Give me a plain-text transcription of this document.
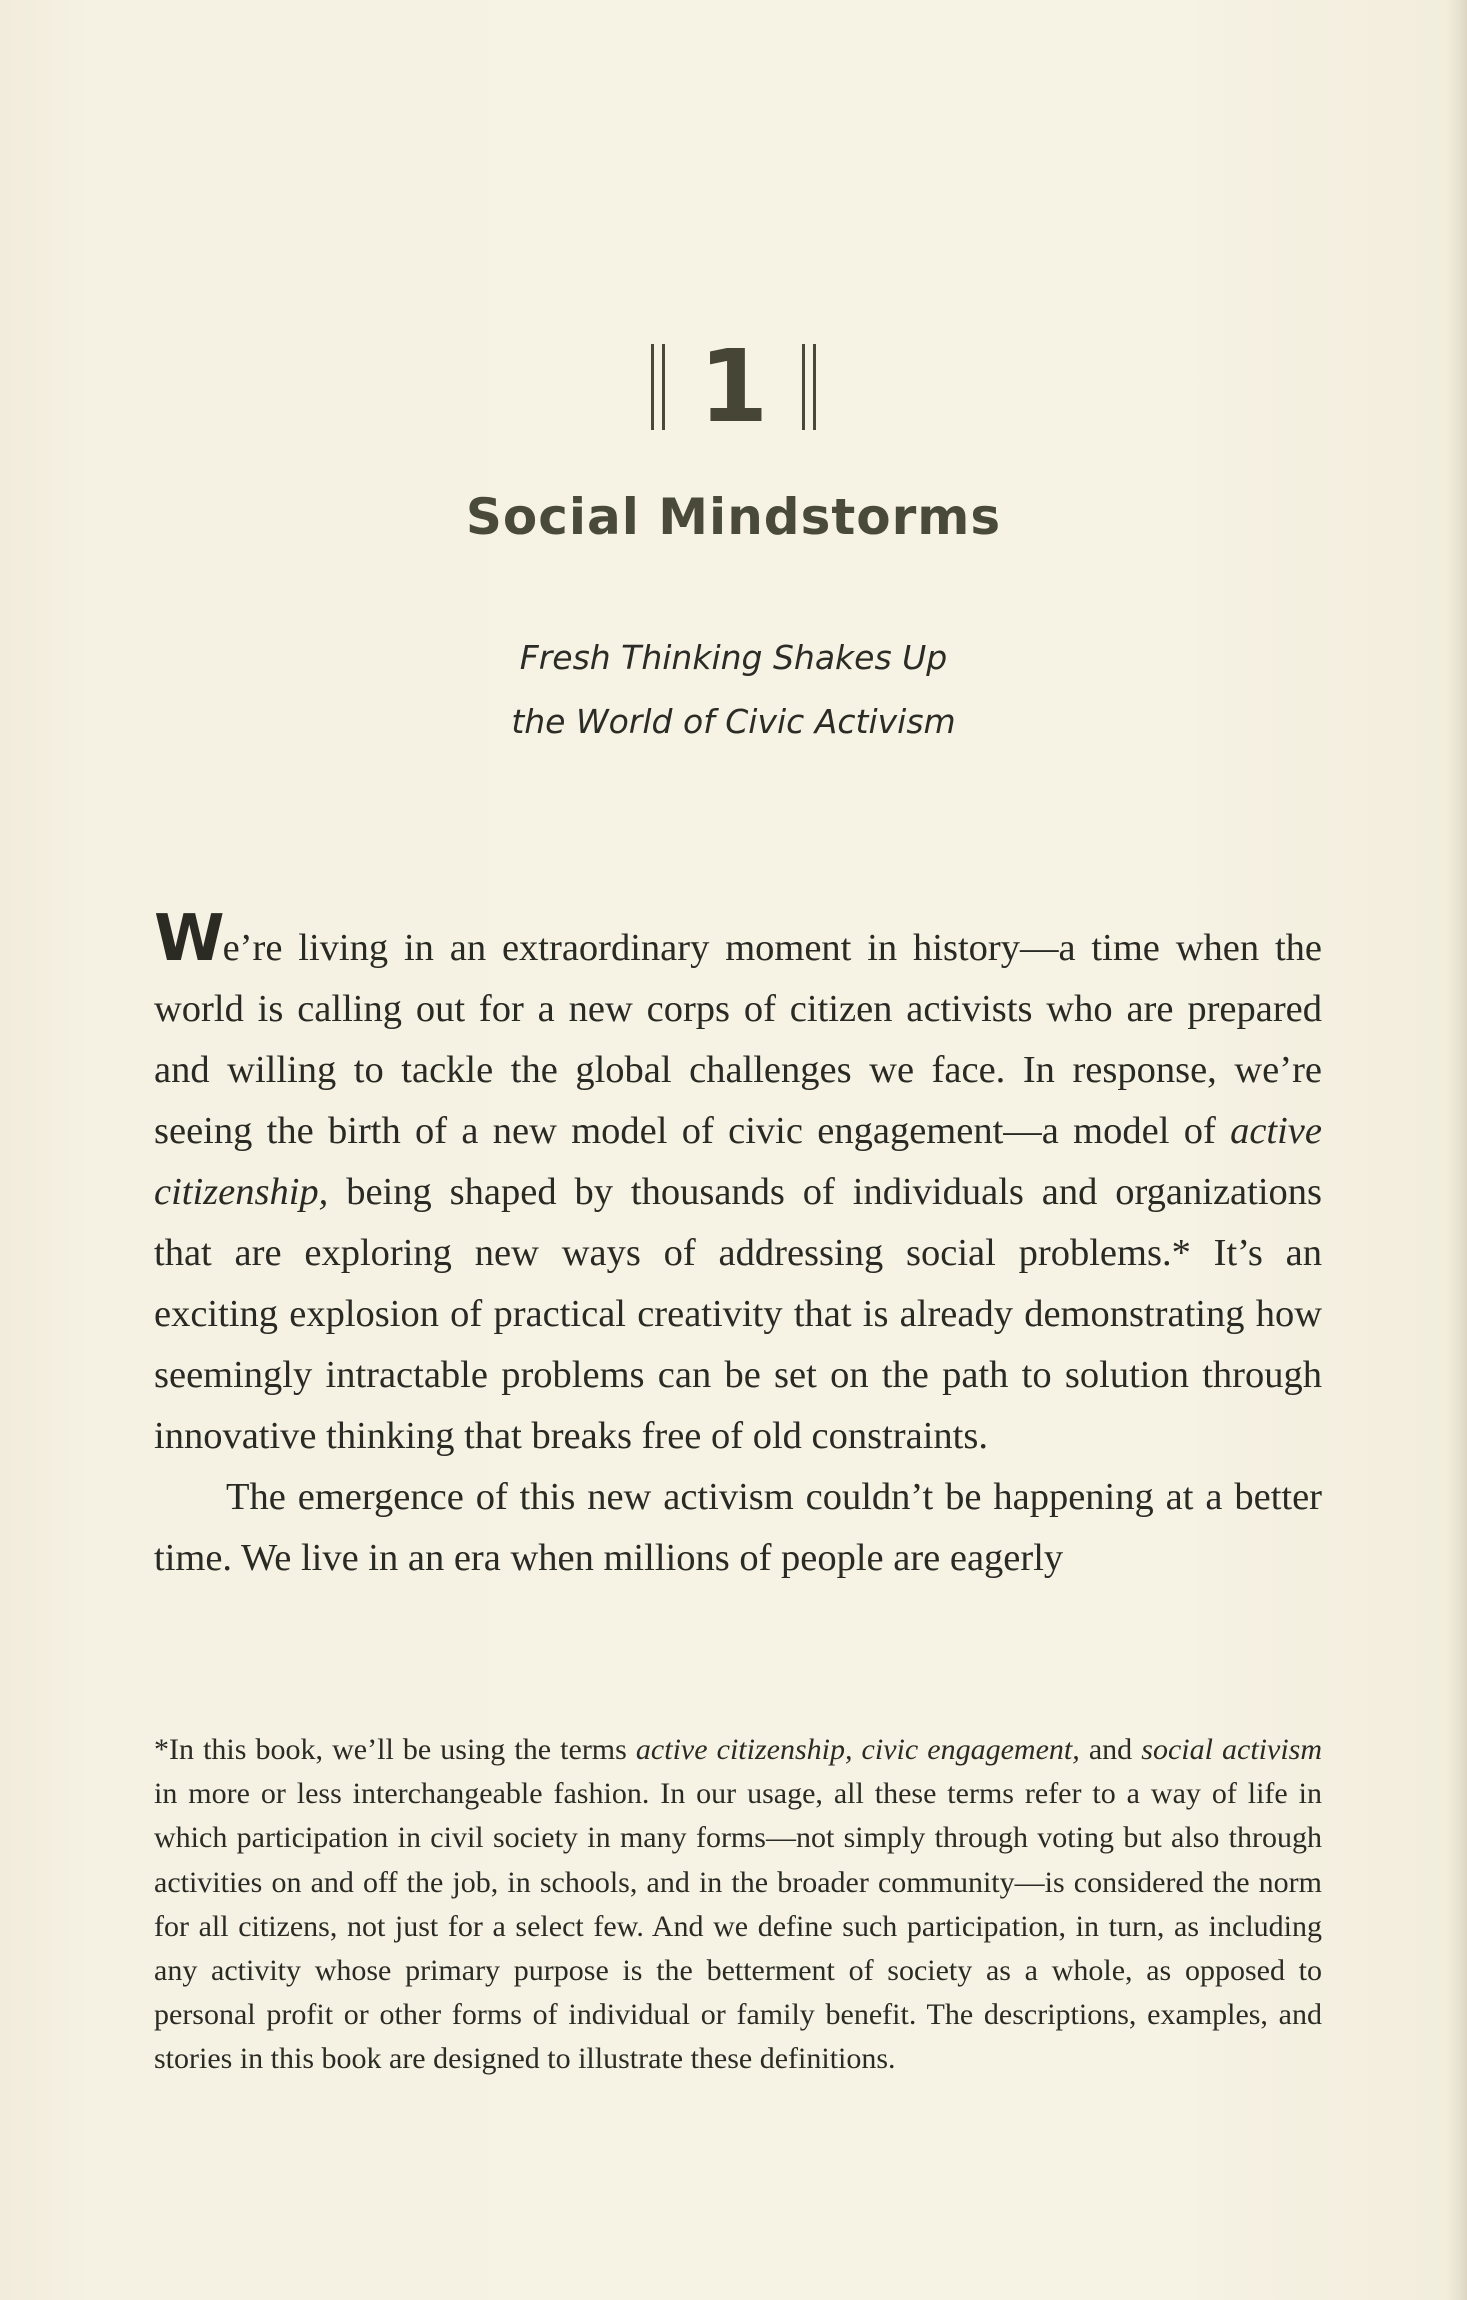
1
Social Mindstorms
Fresh Thinking Shakes Up
the World of Civic Activism

We’re living in an extraordinary moment in history—a time when the world is calling out for a new corps of citizen activists who are prepared and willing to tackle the global challenges we face. In response, we’re seeing the birth of a new model of civic engagement—a model of active citizenship, being shaped by thousands of individuals and organizations that are exploring new ways of addressing social problems.* It’s an exciting explosion of practical creativity that is already demonstrating how seemingly intractable problems can be set on the path to solution through innovative thinking that breaks free of old constraints.

The emergence of this new activism couldn’t be happening at a better time. We live in an era when millions of people are eagerly

*In this book, we’ll be using the terms active citizenship, civic engagement, and social activism in more or less interchangeable fashion. In our usage, all these terms refer to a way of life in which participation in civil society in many forms—not simply through voting but also through activities on and off the job, in schools, and in the broader community—is considered the norm for all citizens, not just for a select few. And we define such participation, in turn, as including any activity whose primary purpose is the betterment of society as a whole, as opposed to personal profit or other forms of individual or family benefit. The descriptions, examples, and stories in this book are designed to illustrate these definitions.
